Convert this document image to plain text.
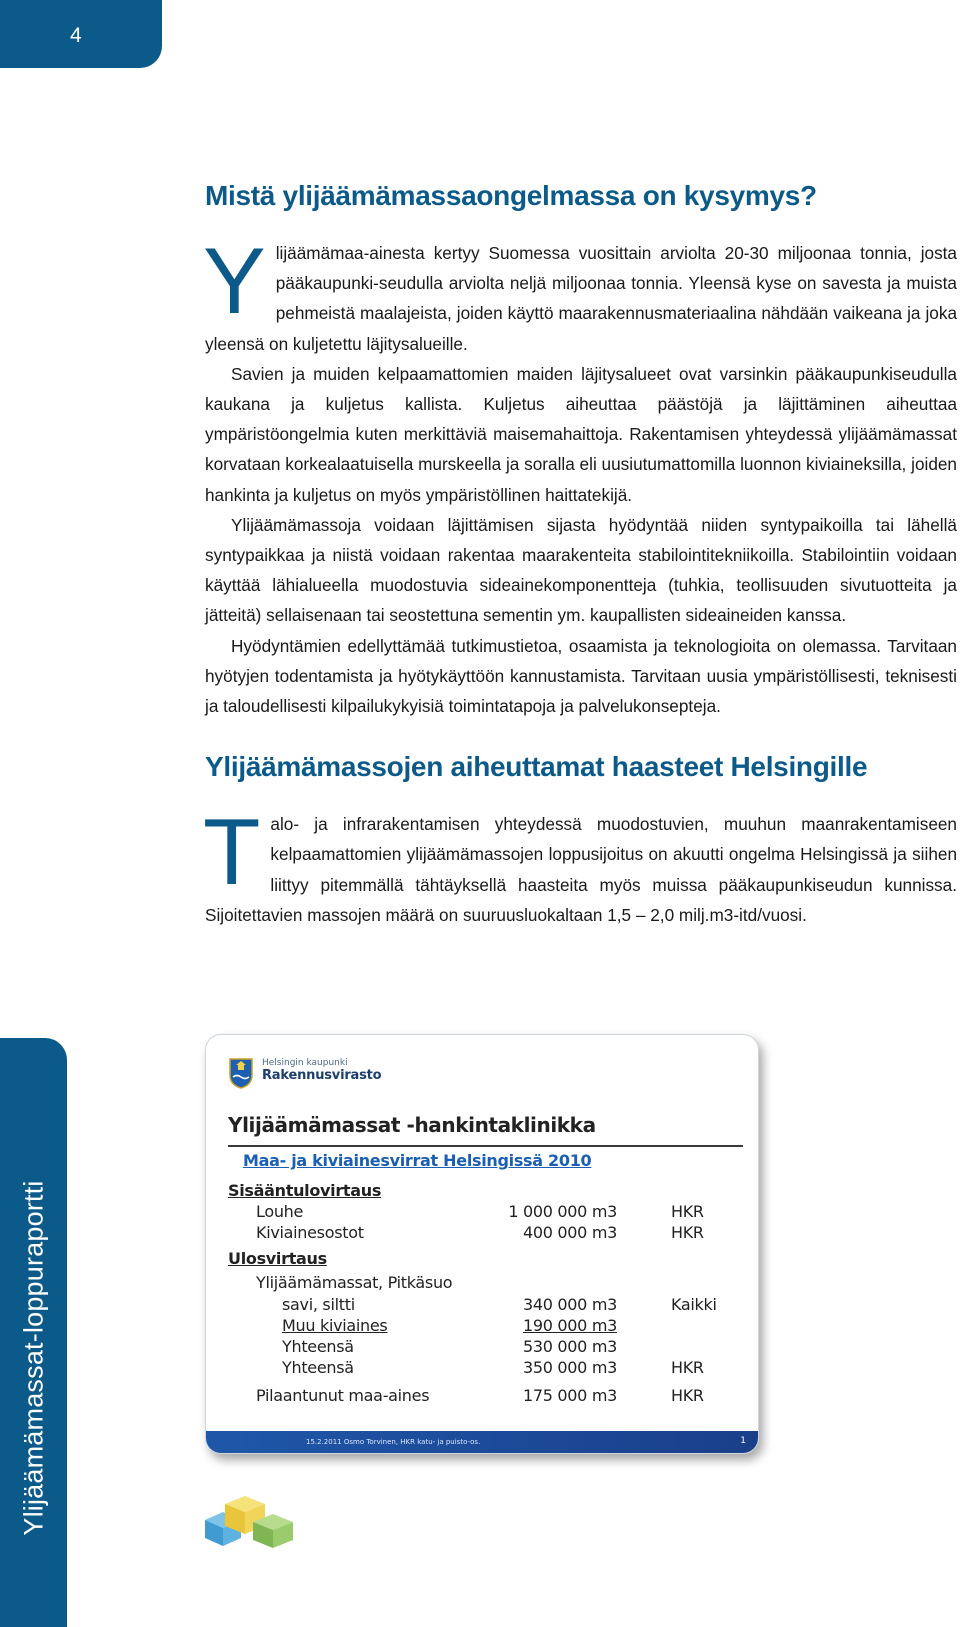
4
Ylijäämämassat-loppuraportti
Mistä ylijäämämassaongelmassa on kysymys?

Ylijäämämaa-ainesta kertyy Suomessa vuosittain arviolta 20-30 miljoonaa tonnia, josta pääkaupunki-seudulla arviolta neljä miljoonaa tonnia. Yleensä kyse on savesta ja muista pehmeistä maalajeista, joiden käyttö maarakennusmateriaalina nähdään vaikeana ja joka yleensä on kuljetettu läjitysalueille.

Savien ja muiden kelpaamattomien maiden läjitysalueet ovat varsinkin pääkaupunkiseudulla kaukana ja kuljetus kallista. Kuljetus aiheuttaa päästöjä ja läjittäminen aiheuttaa ympäristöongelmia kuten merkittäviä maisemahaittoja. Rakentamisen yhteydessä ylijäämämassat korvataan korkealaatuisella murskeella ja soralla eli uusiutumattomilla luonnon kiviaineksilla, joiden hankinta ja kuljetus on myös ympäristöllinen haittatekijä.

Ylijäämämassoja voidaan läjittämisen sijasta hyödyntää niiden syntypaikoilla tai lähellä syntypaikkaa ja niistä voidaan rakentaa maarakenteita stabilointitekniikoilla. Stabilointiin voidaan käyttää lähialueella muodostuvia sideainekomponentteja (tuhkia, teollisuuden sivutuotteita ja jätteitä) sellaisenaan tai seostettuna sementin ym. kaupallisten sideaineiden kanssa.

Hyödyntämien edellyttämää tutkimustietoa, osaamista ja teknologioita on olemassa. Tarvitaan hyötyjen todentamista ja hyötykäyttöön kannustamista. Tarvitaan uusia ympäristöllisesti, teknisesti ja taloudellisesti kilpailukykyisiä toimintatapoja ja palvelukonsepteja.

Ylijäämämassojen aiheuttamat haasteet Helsingille

Talo- ja infrarakentamisen yhteydessä muodostuvien, muuhun maanrakentamiseen kelpaamattomien ylijäämämassojen loppusijoitus on akuutti ongelma Helsingissä ja siihen liittyy pitemmällä tähtäyksellä haasteita myös muissa pääkaupunkiseudun kunnissa. Sijoitettavien massojen määrä on suuruusluokaltaan 1,5 – 2,0 milj.m3-itd/vuosi.

Helsingin kaupunki
Rakennusvirasto
Ylijäämämassat -hankintaklinikka
Maa- ja kiviainesvirrat Helsingissä 2010
Sisääntulovirtaus
Louhe	1 000 000 m3	HKR
Kiviainesostot	400 000 m3	HKR
Ulosvirtaus
Ylijäämämassat, Pitkäsuo
savi, siltti	340 000 m3	Kaikki
Muu kiviaines	190 000 m3
Yhteensä	530 000 m3
Yhteensä	350 000 m3	HKR
Pilaantunut maa-aines	175 000 m3	HKR
15.2.2011 Osmo Torvinen, HKR katu- ja puisto-os.	1
